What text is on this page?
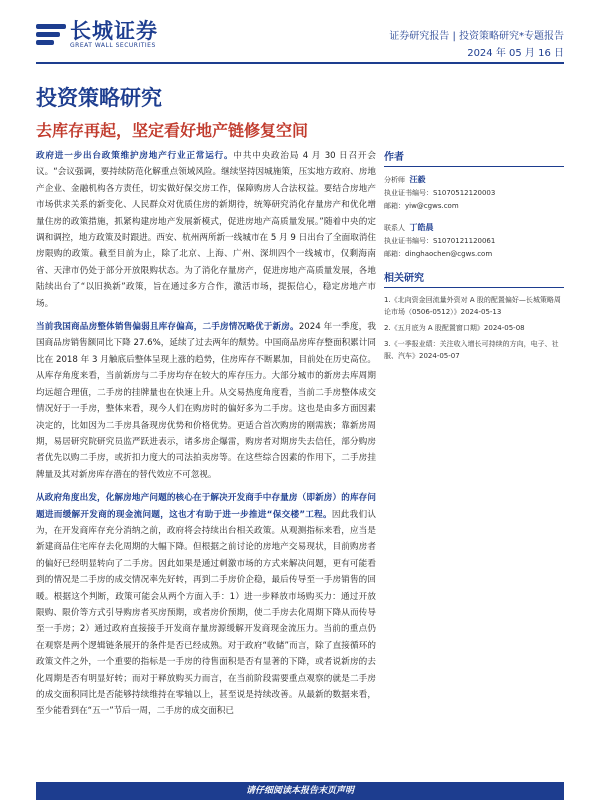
长城证券
GREAT WALL SECURITIES
证券研究报告 | 投资策略研究*专题报告
2024 年 05 月 16 日
投资策略研究
去库存再起，坚定看好地产链修复空间

政府进一步出台政策维护房地产行业正常运行。中共中央政治局 4 月 30 日召开会议。“会议强调，要持续防范化解重点领域风险。继续坚持因城施策，压实地方政府、房地产企业、金融机构各方责任，切实做好保交房工作，保障购房人合法权益。要结合房地产市场供求关系的新变化、人民群众对优质住房的新期待，统筹研究消化存量房产和优化增量住房的政策措施，抓紧构建房地产发展新模式，促进房地产高质量发展。”随着中央的定调和调控，地方政策及时跟进。西安、杭州两所新一线城市在 5 月 9 日出台了全面取消住房限购的政策。截至目前为止，除了北京、上海、广州、深圳四个一线城市，仅剩海南省、天津市仍处于部分开放限购状态。为了消化存量房产，促进房地产高质量发展，各地陆续出台了“以旧换新”政策，旨在通过多方合作，激活市场，提振信心，稳定房地产市场。

当前我国商品房整体销售偏弱且库存偏高，二手房情况略优于新房。2024 年一季度，我国商品房销售额同比下降 27.6%，延续了过去两年的颓势。中国商品房库存整面积累计同比在 2018 年 3 月触底后整体呈现上涨的趋势，住房库存不断累加，目前处在历史高位。从库存角度来看，当前新房与二手房均存在较大的库存压力。大部分城市的新房去库周期均远超合理值，二手房的挂牌量也在快速上升。从交易热度角度看，当前二手房整体成交情况好于一手房，整体来看，现今人们在购房时的偏好多为二手房。这也是由多方面因素决定的，比如因为二手房具备现房优势和价格优势。更适合首次购房的刚需族；靠新房周期，易居研究院研究员监严跃进表示，诸多房企爆雷，购房者对期房失去信任，部分购房者优先以购二手房，或折扣力度大的司法拍卖房等。在这些综合因素的作用下，二手房挂牌量及其对新房库存潜在的替代效应不可忽视。

从政府角度出发，化解房地产问题的核心在于解决开发商手中存量房（即新房）的库存问题进而缓解开发商的现金流问题，这也才有助于进一步推进“保交楼”工程。因此我们认为，在开发商库存充分消纳之前，政府将会持续出台相关政策。从观测指标来看，应当是新建商品住宅库存去化周期的大幅下降。但根据之前讨论的房地产交易现状，目前购房者的偏好已经明显转向了二手房。因此如果是通过刺激市场的方式来解决问题，更有可能看到的情况是二手房的成交情况率先好转，再到二手房价企稳，最后传导至一手房销售的回暖。根据这个判断，政策可能会从两个方面入手：1）进一步释放市场购买力：通过开放限购、限价等方式引导购房者买房预期，或者房价预期，使二手房去化周期下降从而传导至一手房；2）通过政府直接接手开发商存量房源缓解开发商现金流压力。当前的重点仍在观察是两个逻辑链条展开的条件是否已经成熟。对于政府“收储”而言，除了直接循环的政策文件之外，一个重要的指标是一手房的待售面积是否有显著的下降，或者说新房的去化周期是否有明显好转；而对于释放购买力而言，在当前阶段需要重点观察的就是二手房的成交面积同比是否能够持续维持在零轴以上，甚至说是持续改善。从最新的数据来看，至少能看到在“五一”节后一周，二手房的成交面积已

作者
分析师 汪毅
执业证书编号：S1070512120003
邮箱：yiw@cgws.com
联系人 丁皓晨
执业证书编号：S1070121120061
邮箱：dinghaochen@cgws.com
相关研究
1.《北向资金回流量外资对 A 股的配置偏好—长城策略周论市场（0506-0512）》2024-05-13
2.《五月底为 A 股配置窗口期》2024-05-08
3.《一季报业绩：关注收入增长可持续的方向，电子、社服、汽车》2024-05-07
请仔细阅读本报告末页声明
